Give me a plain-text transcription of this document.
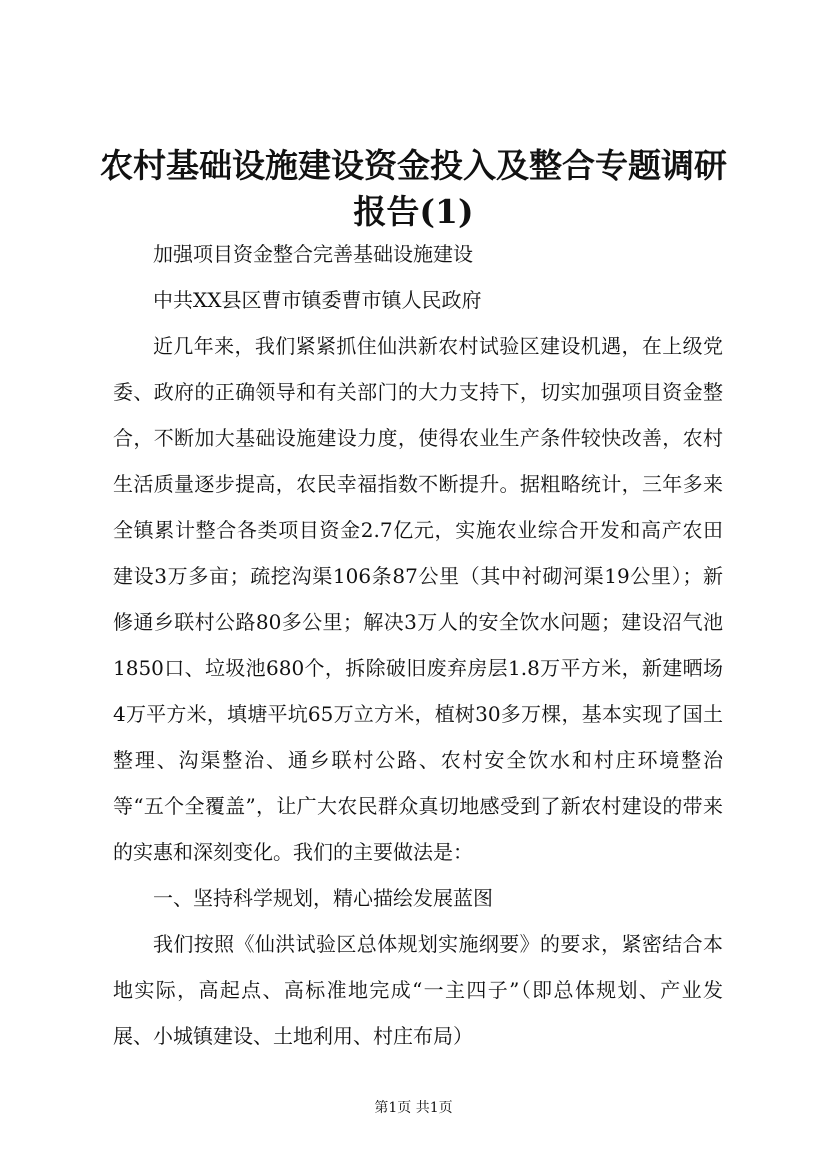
农村基础设施建设资金投入及整合专题调研报告(1)

加强项目资金整合完善基础设施建设

中共XX县区曹市镇委曹市镇人民政府

近几年来，我们紧紧抓住仙洪新农村试验区建设机遇，在上级党委、政府的正确领导和有关部门的大力支持下，切实加强项目资金整合，不断加大基础设施建设力度，使得农业生产条件较快改善，农村生活质量逐步提高，农民幸福指数不断提升。据粗略统计，三年多来全镇累计整合各类项目资金2.7亿元，实施农业综合开发和高产农田建设3万多亩；疏挖沟渠106条87公里（其中衬砌河渠19公里）；新修通乡联村公路80多公里；解决3万人的安全饮水问题；建设沼气池1850口、垃圾池680个，拆除破旧废弃房层1.8万平方米，新建晒场4万平方米，填塘平坑65万立方米，植树30多万棵，基本实现了国土整理、沟渠整治、通乡联村公路、农村安全饮水和村庄环境整治等“五个全覆盖”，让广大农民群众真切地感受到了新农村建设的带来的实惠和深刻变化。我们的主要做法是：

一、坚持科学规划，精心描绘发展蓝图

我们按照《仙洪试验区总体规划实施纲要》的要求，紧密结合本地实际，高起点、高标准地完成“一主四子”（即总体规划、产业发展、小城镇建设、土地利用、村庄布局）

第1页 共1页
